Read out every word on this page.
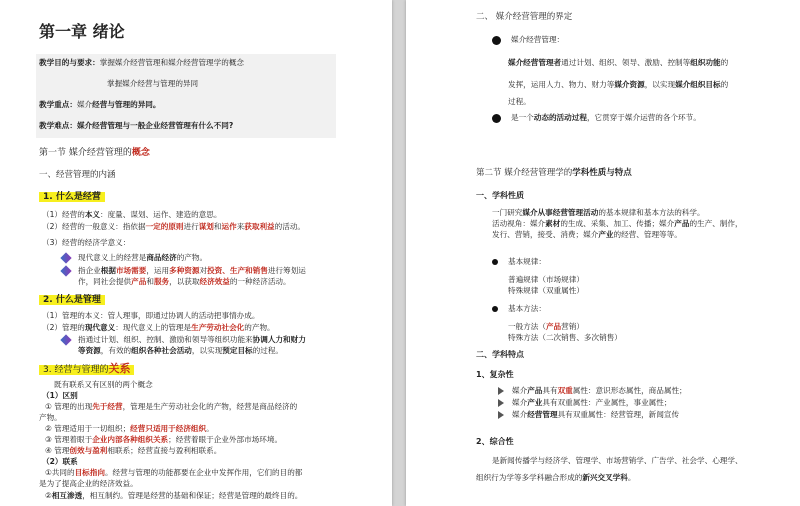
第一章 绪论
教学目的与要求：掌握媒介经营管理和媒介经营管理学的概念
掌握媒介经营与管理的异同
教学重点：媒介经营与管理的异同。
教学难点：媒介经营管理与一般企业经营管理有什么不同?
第一节 媒介经营管理的概念
一、经营管理的内涵
1. 什么是经营
（1）经营的本义：度量、谋划、运作、建造的意思。
（2）经营的一般意义：指依据一定的原则进行谋划和运作来获取利益的活动。
（3）经营的经济学意义：
现代意义上的经营是商品经济的产物。
指企业根据市场需要，运用多种资源对投资、生产和销售进行筹划运
作，同社会提供产品和服务，以获取经济效益的一种经济活动。
2. 什么是管理
（1）管理的本义：管人理事，即通过协调人的活动把事情办成。
（2）管理的现代意义：现代意义上的管理是生产劳动社会化的产物。
指通过计划、组织、控制、激励和领导等组织功能来协调人力和财力
等资源，有效的组织各种社会活动，以实现预定目标的过程。
3. 经营与管理的关系
既有联系又有区别的两个概念
（1）区别
① 管理的出现先于经营，管理是生产劳动社会化的产物，经营是商品经济的
产物。
② 管理适用于一切组织；经营只适用于经济组织。
③ 管理着眼于企业内部各种组织关系；经营着眼于企业外部市场环境。
④ 管理创效与盈利相联系；经营直接与盈利相联系。
（2）联系
①共同的目标指向。经营与管理的功能都要在企业中发挥作用，它们的目的都
是为了提高企业的经济效益。
②相互渗透，相互制约。管理是经营的基础和保证；经营是管理的最终目的。
二、 媒介经营管理的界定
媒介经营管理：
媒介经营管理者通过计划、组织、领导、激励、控制等组织功能的
发挥，运用人力、物力、财力等媒介资源，以实现媒介组织目标的
过程。
是一个动态的活动过程，它贯穿于媒介运营的各个环节。
第二节 媒介经营管理学的学科性质与特点
一、学科性质
一门研究媒介从事经营管理活动的基本规律和基本方法的科学。
活动视角：媒介素材的生成、采集、加工、传播；媒介产品的生产、制作，
发行、营销，接受、消费；媒介产业的经营、管理等等。
基本规律：
普遍规律（市场规律）
特殊规律（双重属性）
基本方法：
一般方法（产品营销）
特殊方法（二次销售、多次销售）
二、学科特点
1、复杂性
媒介产品具有双重属性：意识形态属性，商品属性；
媒介产业具有双重属性：产业属性，事业属性；
媒介经营管理具有双重属性：经营管理，新闻宣传
2、综合性
是新闻传播学与经济学、管理学、市场营销学、广告学、社会学、心理学、
组织行为学等多学科融合形成的新兴交叉学科。
